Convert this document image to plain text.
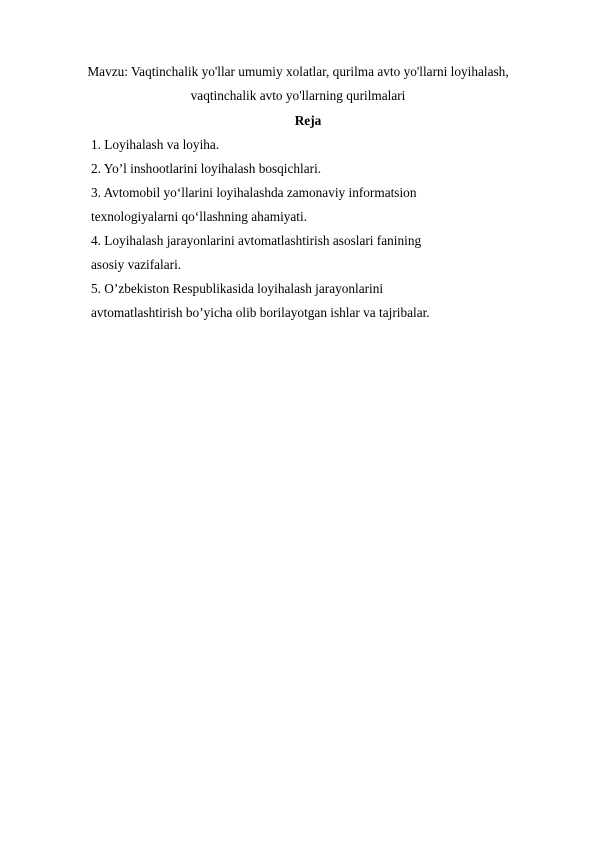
Mavzu: Vaqtinchalik yo'llar umumiy xolatlar, qurilma avto yo'llarni loyihalash,
vaqtinchalik avto yo'llarning qurilmalari
Reja
1. Loyihalash va loyiha.
2. Yo’l inshootlarini loyihalash bosqichlari.
3. Avtomobil yo‘llarini loyihalashda zamonaviy informatsion
texnologiyalarni qo‘llashning ahamiyati.
4. Loyihalash jarayonlarini avtomatlashtirish asoslari fanining
asosiy vazifalari.
5. O’zbekiston Respublikasida loyihalash jarayonlarini
avtomatlashtirish bo’yicha olib borilayotgan ishlar va tajribalar.
